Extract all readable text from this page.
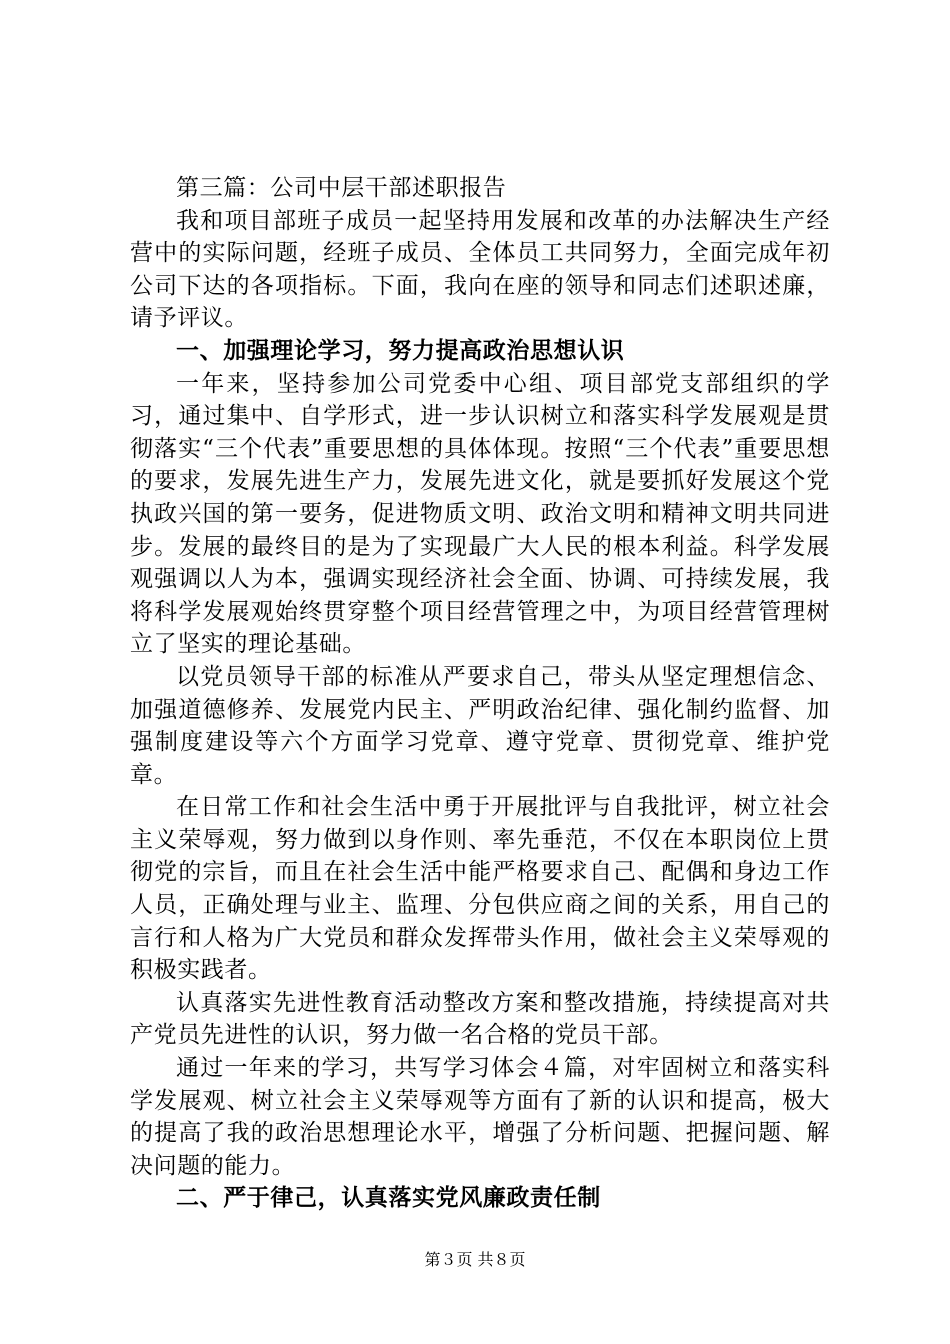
第三篇：公司中层干部述职报告

我和项目部班子成员一起坚持用发展和改革的办法解决生产经营中的实际问题，经班子成员、全体员工共同努力，全面完成年初公司下达的各项指标。下面，我向在座的领导和同志们述职述廉，请予评议。

一、加强理论学习，努力提高政治思想认识

一年来，坚持参加公司党委中心组、项目部党支部组织的学习，通过集中、自学形式，进一步认识树立和落实科学发展观是贯彻落实“三个代表”重要思想的具体体现。按照“三个代表”重要思想的要求，发展先进生产力，发展先进文化，就是要抓好发展这个党执政兴国的第一要务，促进物质文明、政治文明和精神文明共同进步。发展的最终目的是为了实现最广大人民的根本利益。科学发展观强调以人为本，强调实现经济社会全面、协调、可持续发展，我将科学发展观始终贯穿整个项目经营管理之中，为项目经营管理树立了坚实的理论基础。

以党员领导干部的标准从严要求自己，带头从坚定理想信念、加强道德修养、发展党内民主、严明政治纪律、强化制约监督、加强制度建设等六个方面学习党章、遵守党章、贯彻党章、维护党章。

在日常工作和社会生活中勇于开展批评与自我批评，树立社会主义荣辱观，努力做到以身作则、率先垂范，不仅在本职岗位上贯彻党的宗旨，而且在社会生活中能严格要求自己、配偶和身边工作人员，正确处理与业主、监理、分包供应商之间的关系，用自己的言行和人格为广大党员和群众发挥带头作用，做社会主义荣辱观的积极实践者。

认真落实先进性教育活动整改方案和整改措施，持续提高对共产党员先进性的认识，努力做一名合格的党员干部。

通过一年来的学习，共写学习体会４篇，对牢固树立和落实科学发展观、树立社会主义荣辱观等方面有了新的认识和提高，极大的提高了我的政治思想理论水平，增强了分析问题、把握问题、解决问题的能力。

二、严于律己，认真落实党风廉政责任制

第３页 共８页
